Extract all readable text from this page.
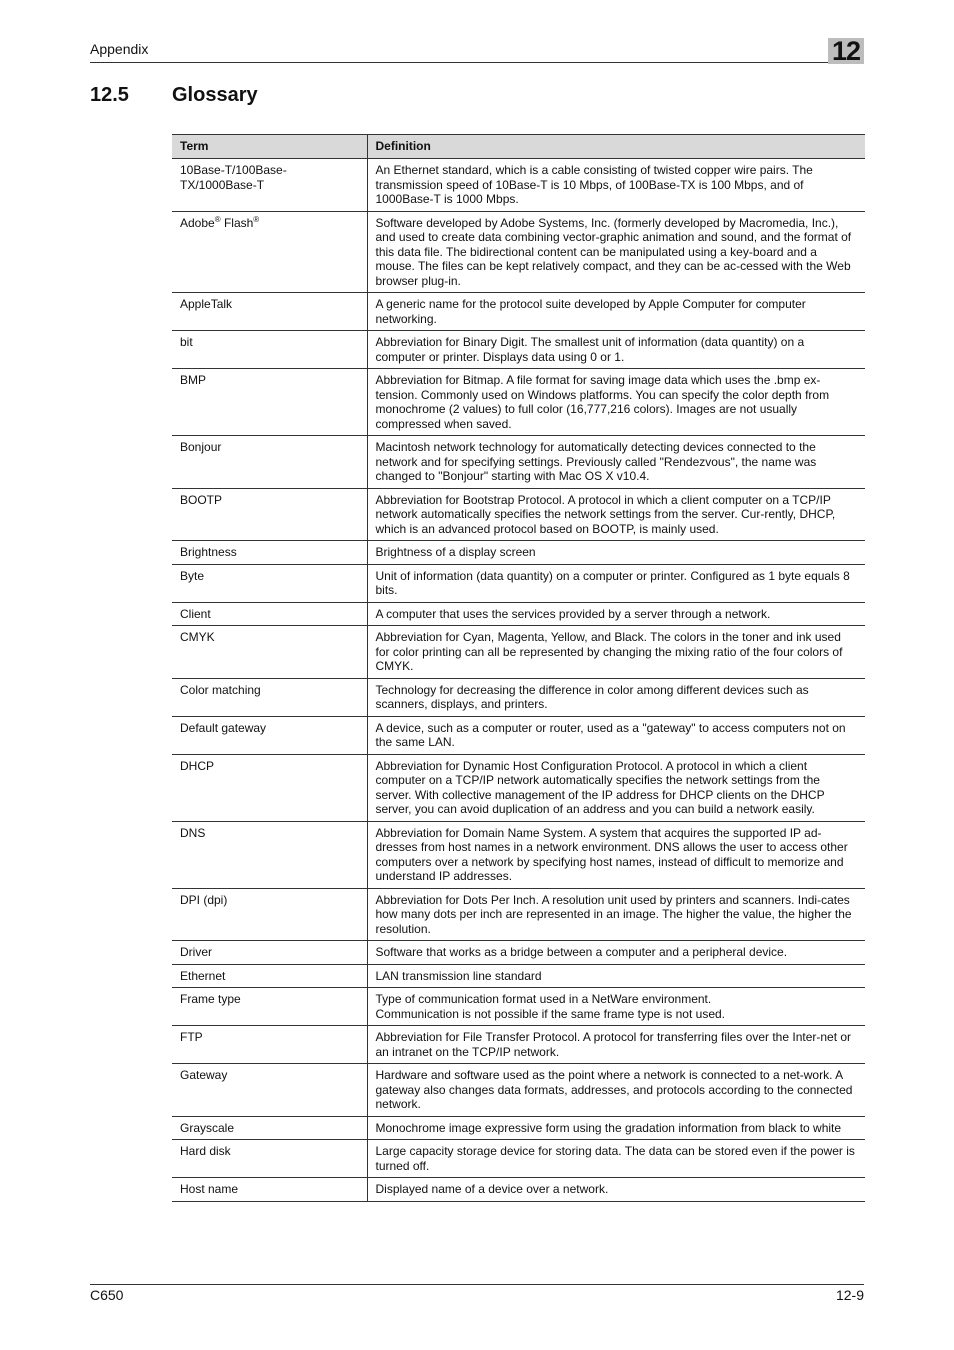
Appendix	12
12.5 Glossary
Term	Definition
10Base-T/100Base-TX/1000Base-T	An Ethernet standard, which is a cable consisting of twisted copper wire pairs. The transmission speed of 10Base-T is 10 Mbps, of 100Base-TX is 100 Mbps, and of 1000Base-T is 1000 Mbps.
Adobe® Flash®	Software developed by Adobe Systems, Inc. (formerly developed by Macromedia, Inc.), and used to create data combining vector-graphic animation and sound, and the format of this data file. The bidirectional content can be manipulated using a key-board and a mouse. The files can be kept relatively compact, and they can be ac-cessed with the Web browser plug-in.
AppleTalk	A generic name for the protocol suite developed by Apple Computer for computer networking.
bit	Abbreviation for Binary Digit. The smallest unit of information (data quantity) on a computer or printer. Displays data using 0 or 1.
BMP	Abbreviation for Bitmap. A file format for saving image data which uses the .bmp ex-tension. Commonly used on Windows platforms. You can specify the color depth from monochrome (2 values) to full color (16,777,216 colors). Images are not usually compressed when saved.
Bonjour	Macintosh network technology for automatically detecting devices connected to the network and for specifying settings. Previously called "Rendezvous", the name was changed to "Bonjour" starting with Mac OS X v10.4.
BOOTP	Abbreviation for Bootstrap Protocol. A protocol in which a client computer on a TCP/IP network automatically specifies the network settings from the server. Cur-rently, DHCP, which is an advanced protocol based on BOOTP, is mainly used.
Brightness	Brightness of a display screen
Byte	Unit of information (data quantity) on a computer or printer. Configured as 1 byte equals 8 bits.
Client	A computer that uses the services provided by a server through a network.
CMYK	Abbreviation for Cyan, Magenta, Yellow, and Black. The colors in the toner and ink used for color printing can all be represented by changing the mixing ratio of the four colors of CMYK.
Color matching	Technology for decreasing the difference in color among different devices such as scanners, displays, and printers.
Default gateway	A device, such as a computer or router, used as a "gateway" to access computers not on the same LAN.
DHCP	Abbreviation for Dynamic Host Configuration Protocol. A protocol in which a client computer on a TCP/IP network automatically specifies the network settings from the server. With collective management of the IP address for DHCP clients on the DHCP server, you can avoid duplication of an address and you can build a network easily.
DNS	Abbreviation for Domain Name System. A system that acquires the supported IP ad-dresses from host names in a network environment. DNS allows the user to access other computers over a network by specifying host names, instead of difficult to memorize and understand IP addresses.
DPI (dpi)	Abbreviation for Dots Per Inch. A resolution unit used by printers and scanners. Indi-cates how many dots per inch are represented in an image. The higher the value, the higher the resolution.
Driver	Software that works as a bridge between a computer and a peripheral device.
Ethernet	LAN transmission line standard
Frame type	Type of communication format used in a NetWare environment.
Communication is not possible if the same frame type is not used.
FTP	Abbreviation for File Transfer Protocol. A protocol for transferring files over the Inter-net or an intranet on the TCP/IP network.
Gateway	Hardware and software used as the point where a network is connected to a net-work. A gateway also changes data formats, addresses, and protocols according to the connected network.
Grayscale	Monochrome image expressive form using the gradation information from black to white
Hard disk	Large capacity storage device for storing data. The data can be stored even if the power is turned off.
Host name	Displayed name of a device over a network.
C650	12-9
